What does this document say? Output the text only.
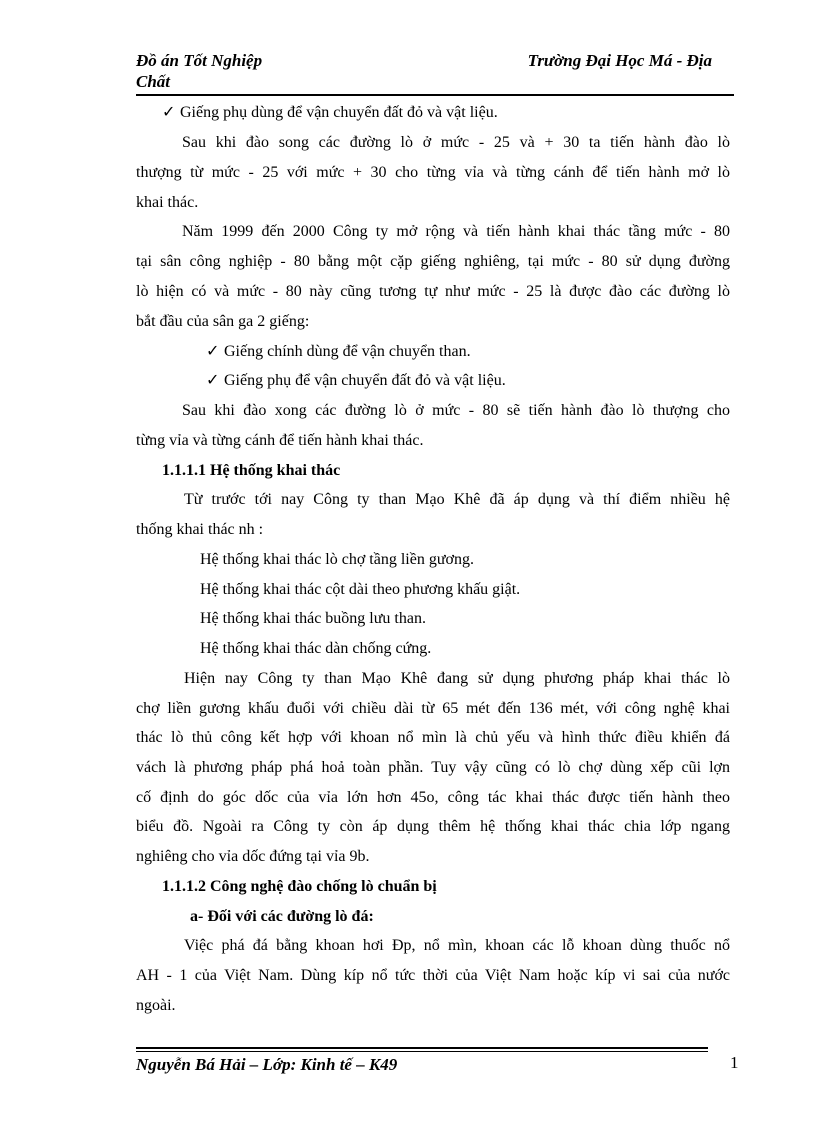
Đồ án Tốt Nghiệp
Chất
Trường Đại Học Má - Địa
✓ Giếng phụ dùng để vận chuyển đất đỏ và vật liệu.
Sau khi đào song các đường lò ở mức - 25 và + 30 ta tiến hành đào lò
thượng từ mức - 25 với mức + 30 cho từng vỉa và từng cánh để tiến hành mở lò
khai thác.
Năm 1999 đến 2000 Công ty mở rộng và tiến hành khai thác tầng mức - 80
tại sân công nghiệp - 80 bằng một cặp giếng nghiêng, tại mức - 80 sử dụng đường
lò hiện có và mức - 80 này cũng tương tự như mức - 25 là được đào các đường lò
bắt đầu của sân ga 2 giếng:
✓ Giếng chính dùng để vận chuyển than.
✓ Giếng phụ để vận chuyển đất đỏ và vật liệu.
Sau khi đào xong các đường lò ở mức - 80 sẽ tiến hành đào lò thượng cho
từng vỉa và từng cánh để tiến hành khai thác.
1.1.1.1 Hệ thống khai thác
Từ trước tới nay Công ty than Mạo Khê đã áp dụng và thí điểm nhiều hệ
thống khai thác nh :
Hệ thống khai thác lò chợ tầng liền gương.
Hệ thống khai thác cột dài theo phương khấu giật.
Hệ thống khai thác buồng lưu than.
Hệ thống khai thác dàn chống cứng.
Hiện nay Công ty than Mạo Khê đang sử dụng phương pháp khai thác lò
chợ liền gương khấu đuổi với chiều dài từ 65 mét đến 136 mét, với công nghệ khai
thác lò thủ công kết hợp với khoan nổ mìn là chủ yếu và hình thức điều khiển đá
vách là phương pháp phá hoả toàn phần. Tuy vậy cũng có lò chợ dùng xếp cũi lợn
cố định do góc dốc của vỉa lớn hơn 45o, công tác khai thác được tiến hành theo
biểu đồ. Ngoài ra Công ty còn áp dụng thêm hệ thống khai thác chia lớp ngang
nghiêng cho vỉa dốc đứng tại vỉa 9b.
1.1.1.2 Công nghệ đào chống lò chuẩn bị
a- Đối với các đường lò đá:
Việc phá đá bằng khoan hơi Đp, nổ mìn, khoan các lỗ khoan dùng thuốc nổ
AH - 1 của Việt Nam. Dùng kíp nổ tức thời của Việt Nam hoặc kíp vi sai của nước
ngoài.
Nguyễn Bá Hải – Lớp: Kinh tế – K49	1
